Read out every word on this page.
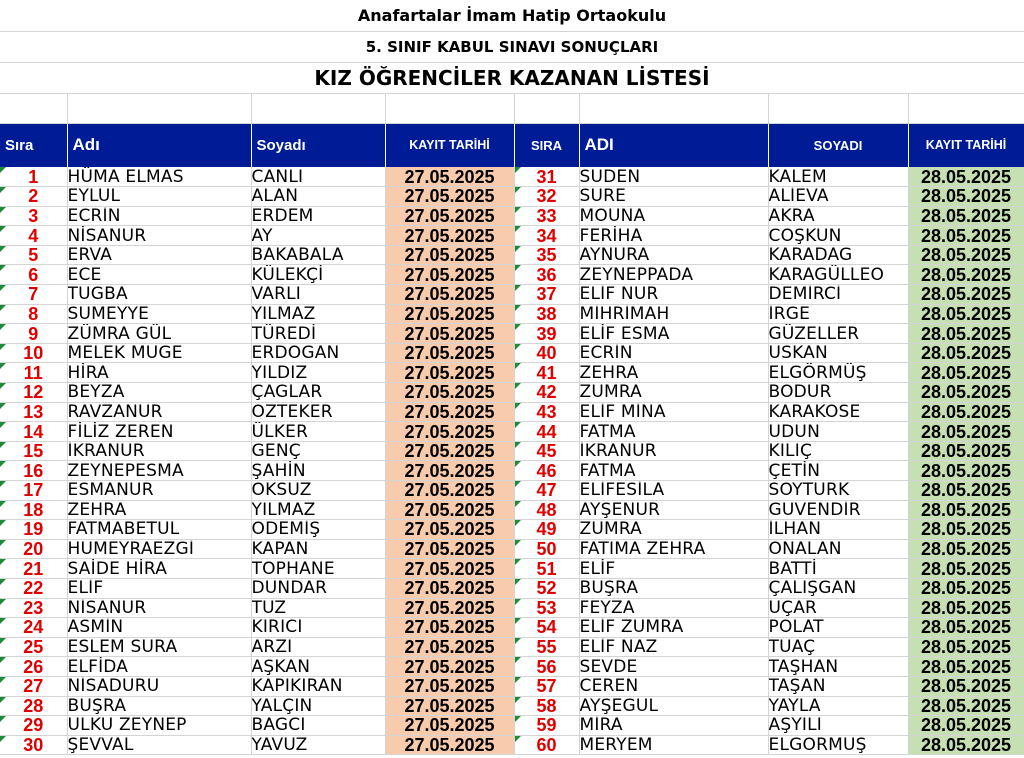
Anafartalar İmam Hatip Ortaokulu
5. SINIF KABUL SINAVI SONUÇLARI
KIZ ÖĞRENCİLER KAZANAN LİSTESİ

Sıra	Adı	Soyadı	KAYIT TARİHİ	SIRA	ADI	SOYADI	KAYIT TARİHİ
1	HÜMA ELMAS	CANLI	27.05.2025	31	SUDEN	KALEM	28.05.2025
2	EYLÜL	ALAN	27.05.2025	32	SURE	ALİEVA	28.05.2025
3	ECRİN	ERDEM	27.05.2025	33	MOUNA	AKRA	28.05.2025
4	NİSANUR	AY	27.05.2025	34	FERİHA	COŞKUN	28.05.2025
5	ERVA	BAKABALA	27.05.2025	35	AYNURA	KARADAĞ	28.05.2025
6	ECE	KÜLEKÇİ	27.05.2025	36	ZEYNEPPADA	KARAGÜLLEO	28.05.2025
7	TUĞBA	VARLI	27.05.2025	37	ELİF NUR	DEMİRCİ	28.05.2025
8	SÜMEYYE	YILMAZ	27.05.2025	38	MİHRİMAH	İRGE	28.05.2025
9	ZÜMRA GÜL	TÜREDİ	27.05.2025	39	ELİF ESMA	GÜZELLER	28.05.2025
10	MELEK MÜGE	ERDOĞAN	27.05.2025	40	ECRİN	USKAN	28.05.2025
11	HİRA	YILDIZ	27.05.2025	41	ZEHRA	ELGÖRMÜŞ	28.05.2025
12	BEYZA	ÇAĞLAR	27.05.2025	42	ZÜMRA	BODUR	28.05.2025
13	RAVZANUR	ÖZTEKER	27.05.2025	43	ELİF MİNA	KARAKÖSE	28.05.2025
14	FİLİZ ZEREN	ÜLKER	27.05.2025	44	FATMA	UDUN	28.05.2025
15	İKRANUR	GENÇ	27.05.2025	45	İKRANUR	KILIÇ	28.05.2025
16	ZEYNEPESMA	ŞAHİN	27.05.2025	46	FATMA	ÇETİN	28.05.2025
17	ESMANUR	ÖKSÜZ	27.05.2025	47	ELİFESİLA	SOYTÜRK	28.05.2025
18	ZEHRA	YILMAZ	27.05.2025	48	AYŞENUR	GÜVENDİR	28.05.2025
19	FATMABETÜL	ÖDEMİŞ	27.05.2025	49	ZÜMRA	İLHAN	28.05.2025
20	HÜMEYRAEZGİ	KAPAN	27.05.2025	50	FATIMA ZEHRA	ÖNALAN	28.05.2025
21	SAİDE HİRA	TOPHANE	27.05.2025	51	ELİF	BATTİ	28.05.2025
22	ELİF	DÜNDAR	27.05.2025	52	BÜŞRA	ÇALIŞGAN	28.05.2025
23	NİSANUR	TUZ	27.05.2025	53	FEYZA	UÇAR	28.05.2025
24	ASMİN	KIRICI	27.05.2025	54	ELİF ZÜMRA	POLAT	28.05.2025
25	ESLEM SURA	ARZI	27.05.2025	55	ELİF NAZ	TUAÇ	28.05.2025
26	ELFİDA	AŞKAN	27.05.2025	56	SEVDE	TAŞHAN	28.05.2025
27	NİSADURU	KAPIKIRAN	27.05.2025	57	CEREN	TAŞAN	28.05.2025
28	BÜŞRA	YALÇIN	27.05.2025	58	AYŞEGÜL	YAYLA	28.05.2025
29	ÜLKÜ ZEYNEP	BAĞCI	27.05.2025	59	MİRA	AŞYILI	28.05.2025
30	ŞEVVAL	YAVUZ	27.05.2025	60	MERYEM	ELGÖRMÜŞ	28.05.2025
